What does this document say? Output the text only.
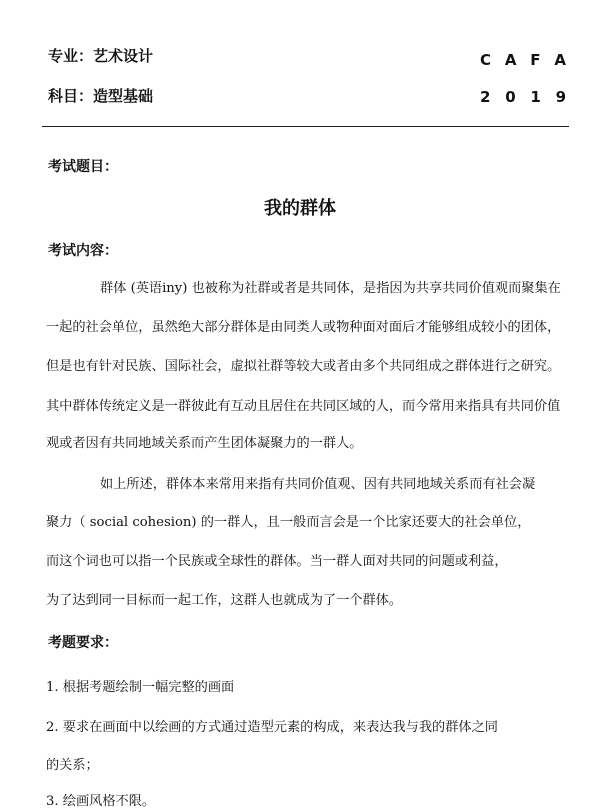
专业：艺术设计
科目：造型基础
C A F A
2 0 1 9
考试题目：
我的群体
考试内容：
群体 (英语iny) 也被称为社群或者是共同体，是指因为共享共同价值观而聚集在
一起的社会单位，虽然绝大部分群体是由同类人或物种面对面后才能够组成较小的团体，
但是也有针对民族、国际社会，虚拟社群等较大或者由多个共同组成之群体进行之研究。
其中群体传统定义是一群彼此有互动且居住在共同区域的人，而今常用来指具有共同价值
观或者因有共同地域关系而产生团体凝聚力的一群人。
如上所述，群体本来常用来指有共同价值观、因有共同地域关系而有社会凝
聚力（ social cohesion) 的一群人，且一般而言会是一个比家还要大的社会单位，
而这个词也可以指一个民族或全球性的群体。当一群人面对共同的问题或利益，
为了达到同一目标而一起工作，这群人也就成为了一个群体。
考题要求：
1. 根据考题绘制一幅完整的画面
2. 要求在画面中以绘画的方式通过造型元素的构成，来表达我与我的群体之同
的关系；
3. 绘画风格不限。
